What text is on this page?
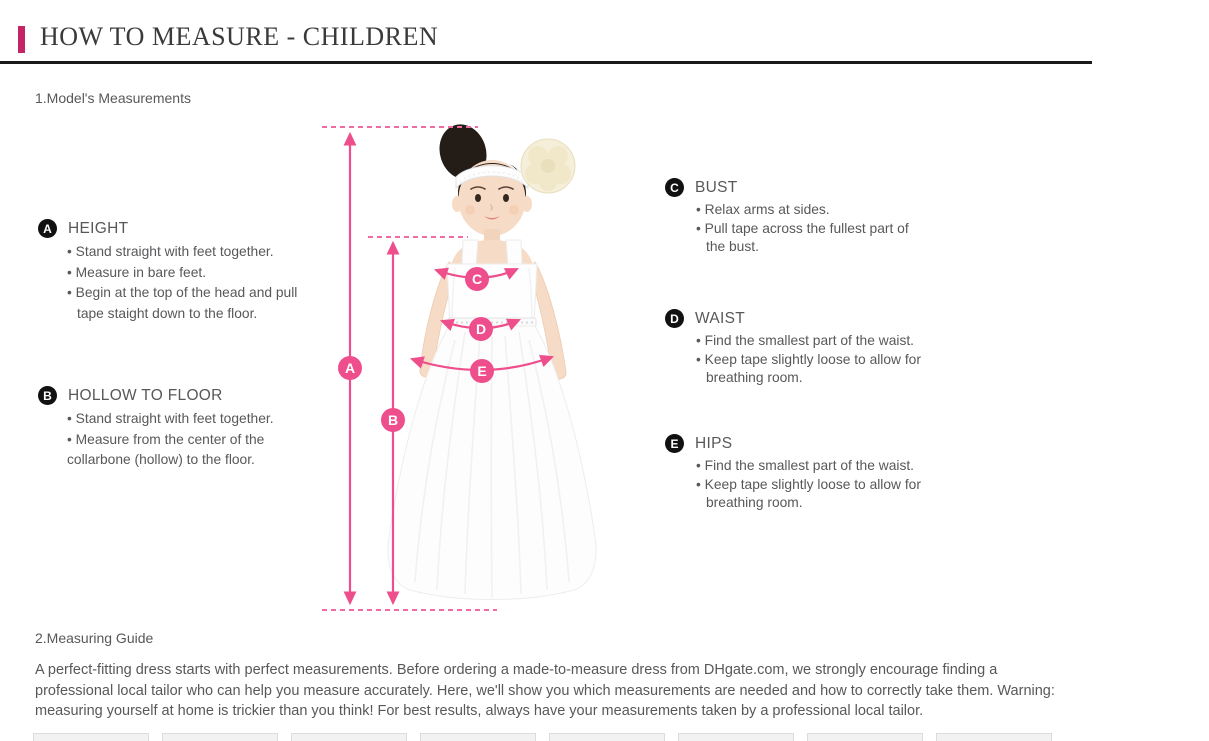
HOW TO MEASURE - CHILDREN
1.Model's Measurements
A	HEIGHT
• Stand straight with feet together.
• Measure in bare feet.
• Begin at the top of the head and pull
tape staight down to the floor.
B	HOLLOW TO FLOOR
• Stand straight with feet together.
• Measure from the center of the
collarbone (hollow) to the floor.
C	BUST
• Relax arms at sides.
• Pull tape across the fullest part of
the bust.
D	WAIST
• Find the smallest part of the waist.
• Keep tape slightly loose to allow for
breathing room.
E	HIPS
• Find the smallest part of the waist.
• Keep tape slightly loose to allow for
breathing room.
A
B
C
D
E
2.Measuring Guide

A perfect-fitting dress starts with perfect measurements. Before ordering a made-to-measure dress from DHgate.com, we strongly encourage finding a professional local tailor who can help you measure accurately. Here, we'll show you which measurements are needed and how to correctly take them. Warning: measuring yourself at home is trickier than you think! For best results, always have your measurements taken by a professional local tailor.
